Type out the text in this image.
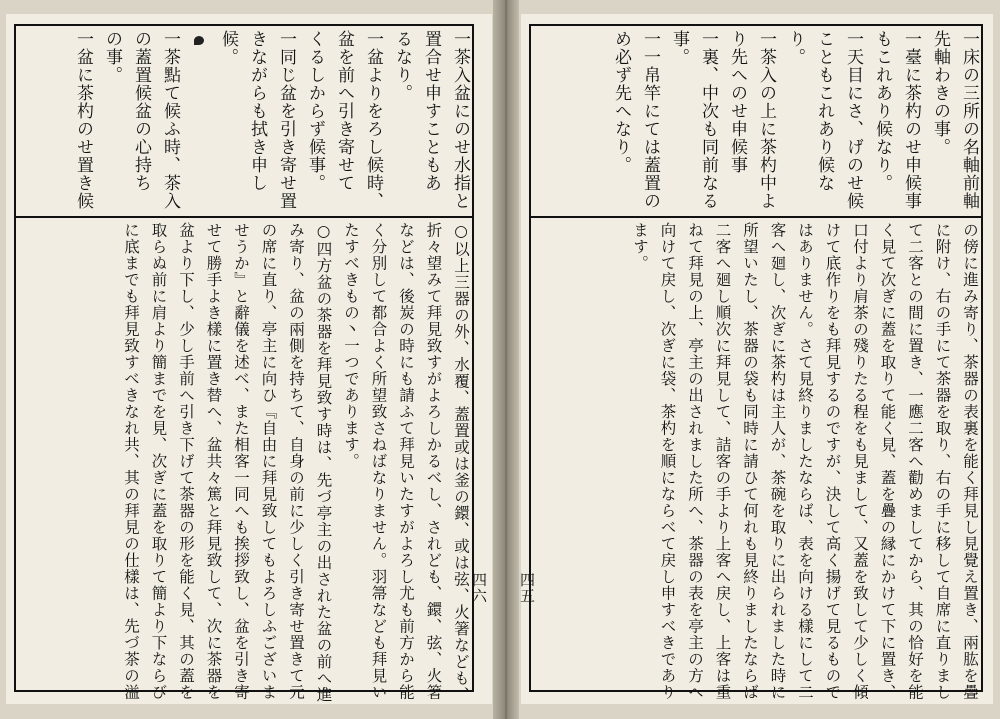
一茶入盆にのせ水指と
置合せ申すこともあ
るなり。
一盆よりをろし候時、
盆を前へ引き寄せて
くるしからず候事。
一同じ盆を引き寄せ置
きながらも拭き申し
候。
一茶點て候ふ時、茶入
の蓋置候盆の心持ち
の事。
一盆に茶杓のせ置き候
○以上三器の外、水覆、蓋置或は釜の鐶、或は弦、火箸なども、
折々望みて拜見致すがよろしかるべし、されども、鐶、弦、火箸
などは、後炭の時にも請ふて拜見いたすがよろし尤も前方から能
く分別して都合よく所望致さねばなりません。羽箒なども拜見い
たすべきもの丶一つであります。
○四方盆の茶器を拜見致す時は、先づ亭主の出された盆の前へ進
み寄り、盆の兩側を持ちて、自身の前に少しく引き寄せ置きて元
の席に直り、亭主に向ひ『自由に拜見致してもよろしふございま
せうか』と辭儀を述べ、また相客一同へも挨拶致し、盆を引き寄
せて勝手よき樣に置き替へ、盆共々篤と拜見致して、次に茶器を
盆より下し、少し手前へ引き下げて茶器の形を能く見、其の蓋を
取らぬ前に肩より簡までを見、次ぎに蓋を取りて簡より下ならび
に底までも拜見致すべきなれ共、其の拜見の仕樣は、先づ茶の溢	四六
一床の三所の名軸前軸
先軸わきの事。
一臺に茶杓のせ申候事
もこれあり候なり。
一天目にさ、げのせ候
こともこれあり候な
り。
一茶入の上に茶杓中よ
り先へのせ申候事
一裏、中次も同前なる
事。
一一帛竿にては蓋置の
め必ず先へなり。
の傍に進み寄り、茶器の表裏を能く拜見し見覺え置き、兩肱を疊
に附け、右の手にて茶器を取り、右の手に移して自席に直りまし
て二客との間に置き、一應二客へ勸めましてから、其の恰好を能
く見て次ぎに蓋を取りて能く見、蓋を疊の縁にかけて下に置き、
口付より肩茶の殘りたる程をも見まして、又蓋を致して少しく傾
けて底作りをも拜見するのですが、決して高く揚げて見るもので
はありません。さて見終りましたならば、表を向ける樣にして二
客へ廻し、次ぎに茶杓は主人が、茶碗を取りに出られました時に
所望いたし、茶器の袋も同時に請ひて何れも見終りましたならば
二客へ廻し順次に拜見して、詰客の手より上客へ戻し、上客は重
ねて拜見の上、亭主の出されました所へ、茶器の表を亭主の方へ
向けて戻し、次ぎに袋、茶杓を順にならべて戻し申すべきであり
ます。
四五
